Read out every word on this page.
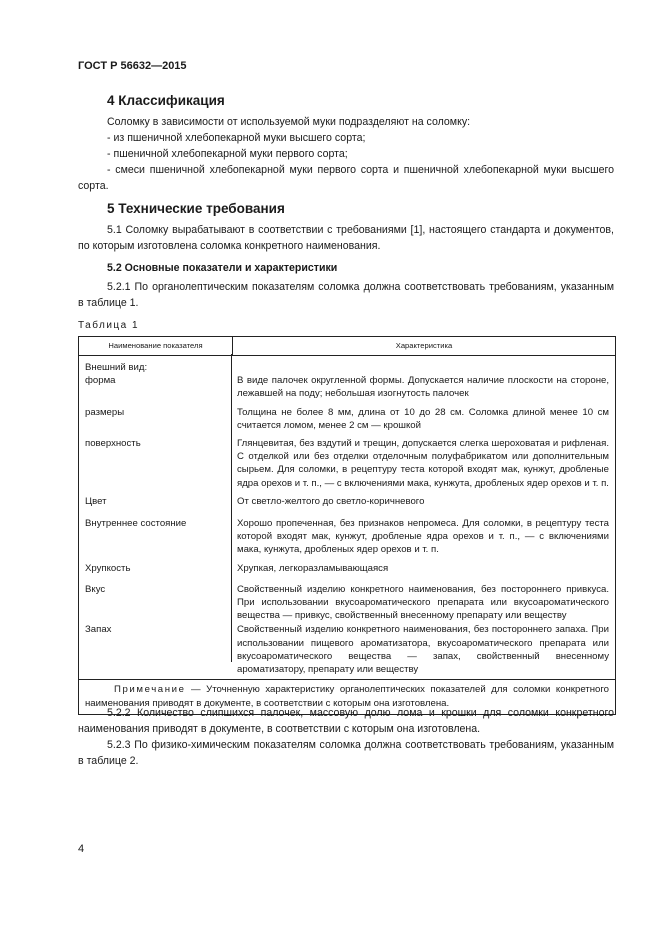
ГОСТ Р 56632—2015
4 Классификация

Соломку в зависимости от используемой муки подразделяют на соломку:

- из пшеничной хлебопекарной муки высшего сорта;

- пшеничной хлебопекарной муки первого сорта;

- смеси пшеничной хлебопекарной муки первого сорта и пшеничной хлебопекарной муки высшего сорта.

5 Технические требования

5.1 Соломку вырабатывают в соответствии с требованиями [1], настоящего стандарта и документов, по которым изготовлена соломка конкретного наименования.

5.2 Основные показатели и характеристики

5.2.1 По органолептическим показателям соломка должна соответствовать требованиям, указанным в таблице 1.

Таблица 1
Наименование показателя	Характеристика

Внешний вид:
форма	В виде палочек округленной формы. Допускается наличие плоскости на стороне, лежавшей на поду; небольшая изогнутость палочек
размеры	Толщина не более 8 мм, длина от 10 до 28 см. Соломка длиной менее 10 см считается ломом, менее 2 см — крошкой
поверхность	Глянцевитая, без вздутий и трещин, допускается слегка шероховатая и рифленая. С отделкой или без отделки отделочным полуфабрикатом или дополнительным сырьем. Для соломки, в рецептуру теста которой входят мак, кунжут, дробленые ядра орехов и т. п., — с включениями мака, кунжута, дробленых ядер орехов и т. п.
Цвет	От светло-желтого до светло-коричневого
Внутреннее состояние	Хорошо пропеченная, без признаков непромеса. Для соломки, в рецептуру теста которой входят мак, кунжут, дробленые ядра орехов и т. п., — с включениями мака, кунжута, дробленых ядер орехов и т. п.
Хрупкость	Хрупкая, легкоразламывающаяся
Вкус	Свойственный изделию конкретного наименования, без постороннего привкуса. При использовании вкусоароматического препарата или вкусоароматического вещества — привкус, свойственный внесенному препарату или веществу
Запах	Свойственный изделию конкретного наименования, без постороннего запаха. При использовании пищевого ароматизатора, вкусоароматического препарата или вкусоароматического вещества — запах, свойственный внесенному ароматизатору, препарату или веществу

Примечание — Уточненную характеристику органолептических показателей для соломки конкретного наименования приводят в документе, в соответствии с которым она изготовлена.

5.2.2 Количество слипшихся палочек, массовую долю лома и крошки для соломки конкретного наименования приводят в документе, в соответствии с которым она изготовлена.

5.2.3 По физико-химическим показателям соломка должна соответствовать требованиям, указанным в таблице 2.

4
